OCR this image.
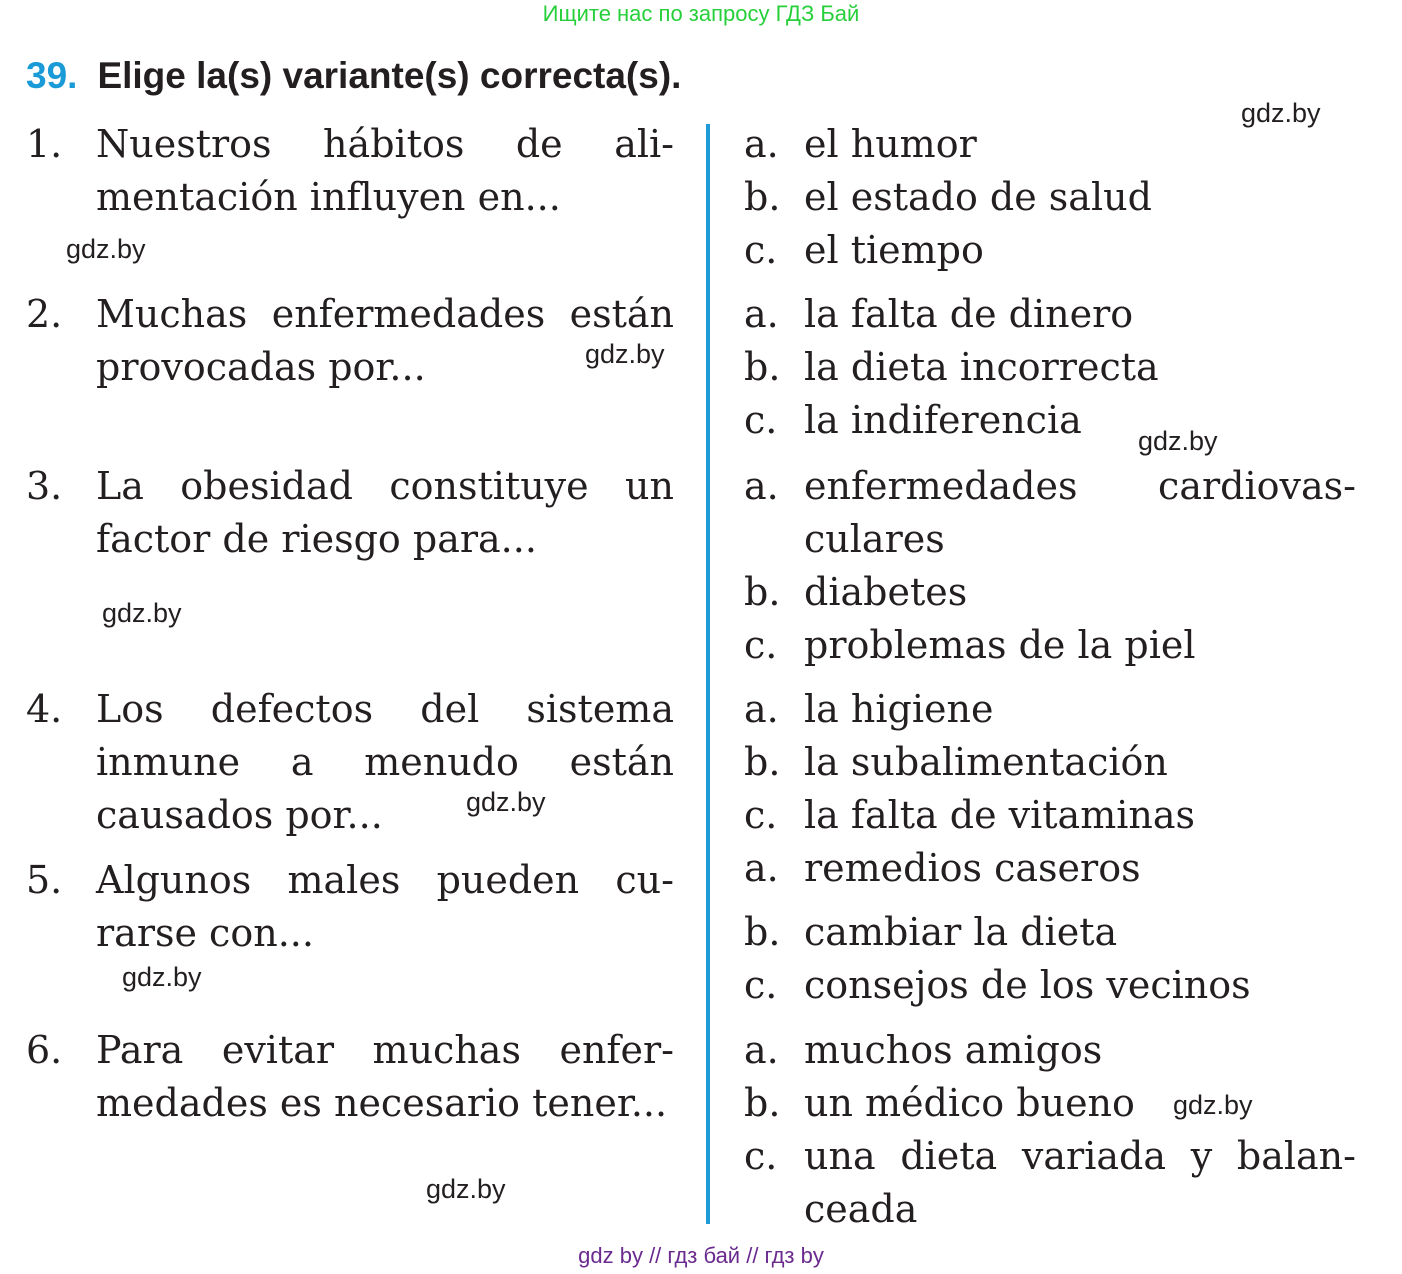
Ищите нас по запросу ГДЗ Бай
39. Elige la(s) variante(s) correcta(s).
1. Nuestros hábitos de alimentación influyen en...
2. Muchas enfermedades están provocadas por...
3. La obesidad constituye un factor de riesgo para...
4. Los defectos del sistema inmune a menudo están causados por...
5. Algunos males pueden curarse con...
6. Para evitar muchas enfermedades es necesario tener...
a. el humor
b. el estado de salud
c. el tiempo
a. la falta de dinero
b. la dieta incorrecta
c. la indiferencia
a. enfermedades cardiovasculares
b. diabetes
c. problemas de la piel
a. la higiene
b. la subalimentación
c. la falta de vitaminas
a. remedios caseros
b. cambiar la dieta
c. consejos de los vecinos
a. muchos amigos
b. un médico bueno
c. una dieta variada y balanceada
gdz.by
gdz.by
gdz.by
gdz.by
gdz.by
gdz.by
gdz.by
gdz.by
gdz.by
gdz by // гдз бай // гдз by
